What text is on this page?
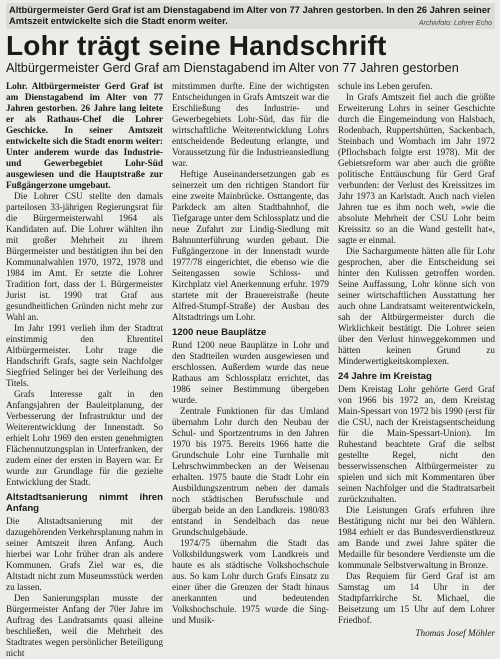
Altbürgermeister Gerd Graf ist am Dienstagabend im Alter von 77 Jahren gestorben. In den 26 Jahren seiner Amtszeit entwickelte sich die Stadt enorm weiter.	Archivfoto: Lohrer Echo
Lohr trägt seine Handschrift
Altbürgermeister Gerd Graf am Dienstagabend im Alter von 77 Jahren gestorben

Lohr. Altbürgermeister Gerd Graf ist am Dienstagabend im Alter von 77 Jahren gestorben. 26 Jahre lang leitete er als Rathaus-Chef die Lohrer Geschicke. In seiner Amtszeit entwickelte sich die Stadt enorm weiter: Unter anderem wurde das Industrie- und Gewerbegebiet Lohr-Süd ausgewiesen und die Hauptstraße zur Fußgängerzone umgebaut.

Die Lohrer CSU stellte den damals parteilosen 33-jährigen Regierungsrat für die Bürgermeisterwahl 1964 als Kandidaten auf. Die Lohrer wählten ihn mit großer Mehrheit zu ihrem Bürgermeister und bestätigten ihn bei den Kommunalwahlen 1970, 1972, 1978 und 1984 im Amt. Er setzte die Lohrer Tradition fort, dass der 1. Bürgermeister Jurist ist. 1990 trat Graf aus gesundheitlichen Gründen nicht mehr zur Wahl an.

Im Jahr 1991 verlieh ihm der Stadtrat einstimmig den Ehrentitel Altbürgermeister. Lohr trage die Handschrift Grafs, sagte sein Nachfolger Siegfried Selinger bei der Verleihung des Titels.

Grafs Interesse galt in den Anfangsjahren der Bauleitplanung, der Verbesserung der Infrastruktur und der Weiterentwicklung der Innenstadt. So erhielt Lohr 1969 den ersten genehmigten Flächennutzungsplan in Unterfranken, der zudem einer der ersten in Bayern war. Er wurde zur Grundlage für die gezielte Entwicklung der Stadt.

Altstadtsanierung nimmt ihren Anfang

Die Altstadtsanierung mit der dazugehörenden Verkehrsplanung nahm in seiner Amtszeit ihren Anfang. Auch hierbei war Lohr früher dran als andere Kommunen. Grafs Ziel war es, die Altstadt nicht zum Museumsstück werden zu lassen.

Den Sanierungsplan musste der Bürgermeister Anfang der 70er Jahre im Auftrag des Landratsamts quasi alleine beschließen, weil die Mehrheit des Stadtrates wegen persönlicher Beteiligung nicht

mitstimmen durfte. Eine der wichtigsten Entscheidungen in Grafs Amtszeit war die Erschließung des Industrie- und Gewerbegebiets Lohr-Süd, das für die wirtschaftliche Weiterentwicklung Lohrs entscheidende Bedeutung erlangte, und Voraussetzung für die Industrieansiedlung war.

Heftige Auseinandersetzungen gab es seinerzeit um den richtigen Standort für eine zweite Mainbrücke. Osttangente, das Parkdeck am alten Stadtbahnhof, die Tiefgarage unter dem Schlossplatz und die neue Zufahrt zur Lindig-Siedlung mit Bahnunterführung wurden gebaut. Die Fußgängerzone in der Innenstadt wurde 1977/78 eingerichtet, die ebenso wie die Seitengassen sowie Schloss- und Kirchplatz viel Anerkennung erfuhr. 1979 startete mit der Brauereistraße (heute Alfred-Stumpf-Straße) der Ausbau des Altstadtrings um Lohr.

1200 neue Bauplätze

Rund 1200 neue Bauplätze in Lohr und den Stadtteilen wurden ausgewiesen und erschlossen. Außerdem wurde das neue Rathaus am Schlossplatz errichtet, das 1986 seiner Bestimmung übergeben wurde.

Zentrale Funktionen für das Umland übernahm Lohr durch den Neubau der Schul- und Sportzentrums in den Jahren 1970 bis 1975. Bereits 1966 hatte die Grundschule Lohr eine Turnhalle mit Lehrschwimmbecken an der Weisenau erhalten. 1975 baute die Stadt Lohr ein Ausbildungszentrum neben der damals noch städtischen Berufsschule und übergab beide an den Landkreis. 1980/83 entstand in Sendelbach das neue Grundschulgebäude.

1974/75 übernahm die Stadt das Volksbildungswerk vom Landkreis und baute es als städtische Volkshochschule aus. So kam Lohr durch Grafs Einsatz zu einer über die Grenzen der Stadt hinaus anerkannten und bedeutenden Volkshochschule. 1975 wurde die Sing- und Musik-

schule ins Leben gerufen.

In Grafs Amtszeit fiel auch die größte Erweiterung Lohrs in seiner Geschichte durch die Eingemeindung von Halsbach, Rodenbach, Ruppertshütten, Sackenbach, Steinbach und Wombach im Jahr 1972 (Pflochsbach folgte erst 1978). Mit der Gebietsreform war aber auch die größte politische Enttäuschung für Gerd Graf verbunden: der Verlust des Kreissitzes im Jahr 1973 an Karlstadt. Auch nach vielen Jahren tue es ihm noch weh, »wie die absolute Mehrheit der CSU Lohr beim Kreissitz so an die Wand gestellt hat«, sagte er einmal.

Die Sachargumente hätten alle für Lohr gesprochen, aber die Entscheidung sei hinter den Kulissen getroffen worden. Seine Auffassung, Lohr könne sich von seiner wirtschaftlichen Ausstattung her auch ohne Landratsamt weiterentwickeln, sah der Altbürgermeister durch die Wirklichkeit bestätigt. Die Lohrer seien über den Verlust hinweggekommen und hätten keinen Grund zu Minderwertigkeitskomplexen.

24 Jahre im Kreistag

Dem Kreistag Lohr gehörte Gerd Graf von 1966 bis 1972 an, dem Kreistag Main-Spessart von 1972 bis 1990 (erst für die CSU, nach der Kreistagsentscheidung für die Main-Spessart-Union). Im Ruhestand beachtete Graf die selbst gestellte Regel, nicht den besserwissenschen Altbürgermeister zu spielen und sich mit Kommentaren über seinen Nachfolger und die Stadtratsarbeit zurückzuhalten.

Die Leistungen Grafs erfuhren ihre Bestätigung nicht nur bei den Wählern. 1984 erhielt er das Bundesverdienstkreuz am Bande und zwei Jahre später die Medaille für besondere Verdienste um die kommunale Selbstverwaltung in Bronze.

Das Requiem für Gerd Graf ist am Samstag um 14 Uhr in der Stadtpfarrkirche St. Michael, die Beisetzung um 15 Uhr auf dem Lohrer Friedhof.

Thomas Josef Möhler
